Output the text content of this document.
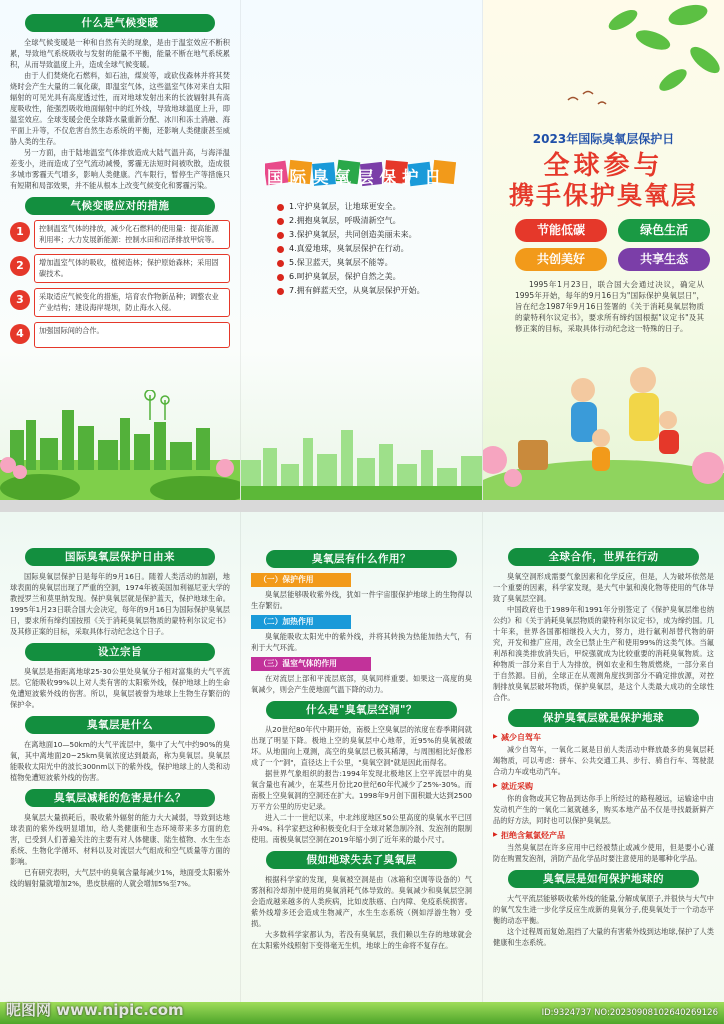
什么是气候变暖

全球气候变暖是一种和自然有关的现象，是由于温室效应不断积累，导致地气系统吸收与发射的能量不平衡，能量不断在地气系统累积，从而导致温度上升，造成全球气候变暖。

由于人们焚烧化石燃料，如石油，煤炭等，或砍伐森林并将其焚烧时会产生大量的二氧化碳，即温室气体，这些温室气体对来自太阳辐射的可见光具有高度透过性，而对地球发射出来的长波辐射具有高度吸收性，能强烈吸收地面辐射中的红外线，导致地球温度上升，即温室效应。全球变暖会使全球降水量重新分配、冰川和冻土消融、海平面上升等，不仅危害自然生态系统的平衡，还影响人类健康甚至威胁人类的生存。

另一方面，由于陆地温室气体排放造成大陆气温升高，与海洋温差变小，进而造成了空气流动减慢，雾霾无法短时间被吹散，造成很多城市雾霾天气增多，影响人类健康。汽车限行，暂停生产等措施只有短期和局部效果，并不能从根本上改变气候变化和雾霾污染。

气候变暖应对的措施
1	控制温室气体的排放，减少化石燃料的使用量：提高能源利用率；大力发展新能源：控制水田和沼泽排放甲烷等。
2	增加温室气体的吸收，植树造林；保护原始森林；采用固碳技术。
3	采取适应气候变化的措施，培育农作物新品种；调整农业产业结构；建设海岸堤坝，防止海水入侵。
4	加强国际间的合作。
国际臭氧层保护日
1.守护臭氧层，让地球更安全。
2.拥抱臭氧层，呼吸清新空气。
3.保护臭氧层，共同创造美丽未来。
4.真爱地球，臭氧层保护在行动。
5.保卫蓝天，臭氧层不能等。
6.呵护臭氧层，保护自然之美。
7.拥有鲜蓝天空，从臭氧层保护开始。
2023年国际臭氧层保护日
全球参与
携手保护臭氧层
节能低碳	绿色生活 共创美好	共享生态

1995年1月23日，联合国大会通过决议，确定从1995年开始，每年的9月16日为"国际保护臭氧层日"，旨在纪念1987年9月16日签署的《关于消耗臭氧层物质的蒙特利尔议定书》，要求所有缔约国根据"议定书"及其修正案的目标，采取具体行动纪念这一特殊的日子。

国际臭氧层保护日由来

国际臭氧层保护日是每年的9月16日。随着人类活动的加剧，地球表面的臭氧层出现了严重的空洞，1974年被美国加利福尼亚大学的教授罗兰和莫里纳发现。保护臭氧层就是保护蓝天，保护地球生命。1995年1月23日联合国大会决定，每年的9月16日为国际保护臭氧层日，要求所有缔约国按照《关于消耗臭氧层物质的蒙特利尔议定书》及其修正案的目标，采取具体行动纪念这个日子。

设立宗旨

臭氧层是指距离地球25-30公里处臭氧分子相对富集的大气平流层。它能吸收99%以上对人类有害的太阳紫外线，保护地球上的生命免遭短波紫外线的伤害。所以，臭氧层被誉为地球上生物生存繁衍的保护伞。

臭氧层是什么

在离地面10—50km的大气平流层中，集中了大气中约90%的臭氧，其中离地面20~25km臭氧浓度达到最高，称为臭氧层。臭氧层能吸收太阳光中的波长300nm以下的紫外线，保护地球上的人类和动植物免遭短波紫外线的伤害。

臭氧层减耗的危害是什么？

臭氧层大量损耗后，吸收紫外辐射的能力大大减弱，导致到达地球表面的紫外线明显增加，给人类健康和生态环境带来多方面的危害，已受到人们普遍关注的主要有对人体健康、陆生植物、水生生态系统、生物化学循环、材料以及对流层大气组成和空气质量等方面的影响。

已有研究表明，大气层中的臭氧含量每减少1%，地面受太阳紫外线的辐射量就增加2%，患皮肤癌的人就会增加5%至7%。

臭氧层有什么作用？
（一）保护作用

臭氧层能够吸收紫外线，犹如一件宇宙服保护地球上的生物得以生存繁衍。

（二）加热作用

臭氧能吸收太阳光中的紫外线，并将其转换为热能加热大气，有利于大气环流。

（三）温室气体的作用

在对流层上部和平流层底部，臭氧同样重要。如果这一高度的臭氧减少，则会产生使地面气温下降的动力。

什么是"臭氧层空洞"？

从20世纪80年代中期开始，南极上空臭氧层的浓度在春季期间就出现了明显下降。极地上空的臭氧层中心地带，近95%的臭氧被破坏。从地面向上观测，高空的臭氧层已极其稀薄，与周围相比好像形成了一个"洞"，直径达上千公里，"臭氧空洞"就是因此而得名。

据世界气象组织的报告:1994年发现北极地区上空平流层中的臭氧含量也有减少，在某些月份比20世纪60年代减少了25%-30%。而南极上空臭氧洞的空洞还在扩大。1998年9月创下面积最大达到2500万平方公里的历史记录。

进入二十一世纪以来，中北纬度地区50公里高度的臭氧水平已回升4%。科学家把这种积极变化归于全球对紧急制冷剂、发泡剂的限制使用。南极臭氧层空洞在2019年缩小到了近年来的最小尺寸。

假如地球失去了臭氧层

根据科学家的发现，臭氧被空洞是由（冰箱和空调等设备的）气雾剂和冷却剂中使用的臭氧消耗气体导致的。臭氧减少和臭氧层空洞会造成越来越多的人类疾病，比如皮肤癌、白内障、免疫系统损害。紫外线增多还会造成生物减产，水生生态系统（例如浮游生物）受损。

大多数科学家都认为，若没有臭氧层，我们赖以生存的地球就会在太阳紫外线照射下变得毫无生机，地球上的生命将不复存在。

全球合作，世界在行动

臭氧空洞形成需要气象因素和化学反应，但是，人为破坏依然是一个重要的因素，科学家发现，是大气中氯和溴化物等使用的气体导致了臭氧层空洞。

中国政府也于1989年和1991年分别签定了《保护臭氧层维也纳公约》和《关于消耗臭氧层物质的蒙特利尔议定书》，成为缔约国。几十年来，世界各国都相继投入大力，努力，进行氟利昂替代物的研究，开发和推广应用，改全已禁止生产和使用99%的这类气体。当氟利昂和溴类排放消失后，甲烷强就成为比较重要的消耗臭氧物质。这种物质一部分来自于人为排放，例如农业和生物质燃烧，一部分来自于自然源。目前，全球正在从观测角度找到部分不确定排放源，对控制排放臭氧层破坏物质，保护臭氧层，是这个人类最大成功的全球性合作。

保护臭氧层就是保护地球
▶ 减少自驾车

减少自驾车，一氧化二氮是目前人类活动中释放最多的臭氧层耗竭物质，可以考虑：拼车、公共交通工具、步行、骑自行车、驾驶混合动力车或电动汽车。

▶ 就近采购

你的食物或其它物品到达你手上所经过的路程越远，运输途中由发动机产生的一氧化二氮就越多，购买本地产品不仅是寻找最新鲜产品的好方法，同时也可以保护臭氧层。

▶ 拒绝含氟氯烃产品

当然臭氧层在许多应用中已经被禁止或减少使用，但是要小心谨防在购置发泡剂，消防产品化学品时要注意使用的是哪种化学品。

臭氧层是如何保护地球的

大气平流层能够吸收紫外线的能量,分解成氧原子,并很快与大气中的氧气发生进一步化学反应生成新的臭氧分子,使臭氧处于一个动态平衡的动态平衡。

这个过程周而复始,阻挡了大量的有害紫外线到达地球,保护了人类健康和生态系统。

昵图网 www.nipic.com	ID:9324737 NO:20230908102640269126
